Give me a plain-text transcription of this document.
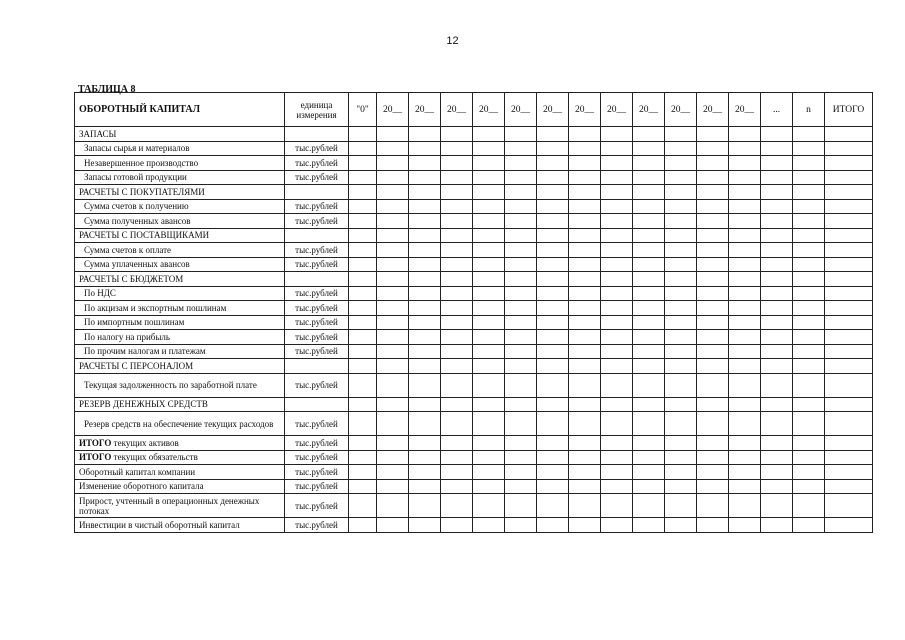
12
ТАБЛИЦА 8
ОБОРОТНЫЙ КАПИТАЛ	единица измерения	"0"	20__	20__	20__	20__	20__	20__	20__	20__	20__	20__	20__	20__	...	n	ИТОГО
ЗАПАСЫ																	
Запасы сырья и материалов	тыс.рублей																
Незавершенное производство	тыс.рублей																
Запасы готовой продукции	тыс.рублей																
РАСЧЕТЫ С ПОКУПАТЕЛЯМИ																	
Сумма счетов к получению	тыс.рублей																
Сумма полученных авансов	тыс.рублей																
РАСЧЕТЫ С ПОСТАВЩИКАМИ																	
Сумма счетов к оплате	тыс.рублей																
Сумма уплаченных авансов	тыс.рублей																
РАСЧЕТЫ С БЮДЖЕТОМ																	
По НДС	тыс.рублей																
По акцизам и экспортным пошлинам	тыс.рублей																
По импортным пошлинам	тыс.рублей																
По налогу на прибыль	тыс.рублей																
По прочим налогам и платежам	тыс.рублей																
РАСЧЕТЫ С ПЕРСОНАЛОМ																	
Текущая задолженность по заработной плате	тыс.рублей																
РЕЗЕРВ ДЕНЕЖНЫХ СРЕДСТВ																	
Резерв средств на обеспечение текущих расходов	тыс.рублей																
ИТОГО текущих активов	тыс.рублей																
ИТОГО текущих обязательств	тыс.рублей																
Оборотный капитал компании	тыс.рублей																
Изменение оборотного капитала	тыс.рублей																
Прирост, учтенный в операционных денежных потоках	тыс.рублей																
Инвестиции в чистый оборотный капитал	тыс.рублей																
